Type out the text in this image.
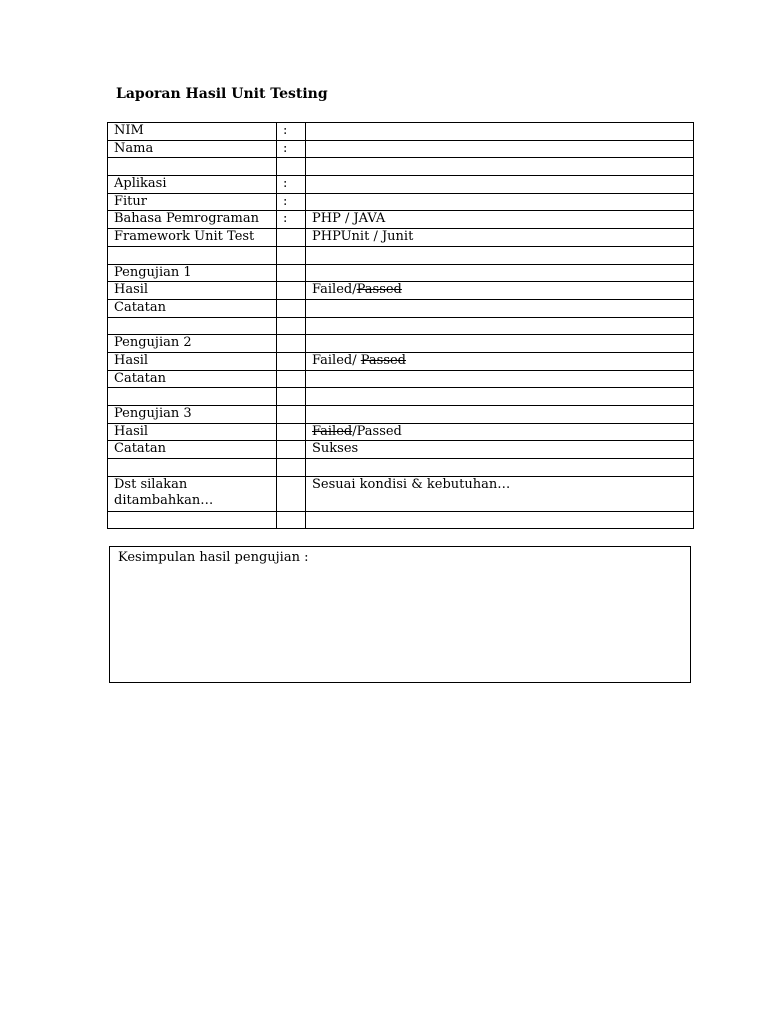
Laporan Hasil Unit Testing
NIM	:	
Nama	:	

Aplikasi	:	
Fitur	:	
Bahasa Pemrograman	:	PHP / JAVA
Framework Unit Test		PHPUnit / Junit

Pengujian 1		
Hasil		Failed/Passed
Catatan		

Pengujian 2		
Hasil		Failed/ Passed
Catatan		

Pengujian 3		
Hasil		Failed/Passed
Catatan		Sukses

Dst silakan ditambahkan…		Sesuai kondisi & kebutuhan…

Kesimpulan hasil pengujian :
